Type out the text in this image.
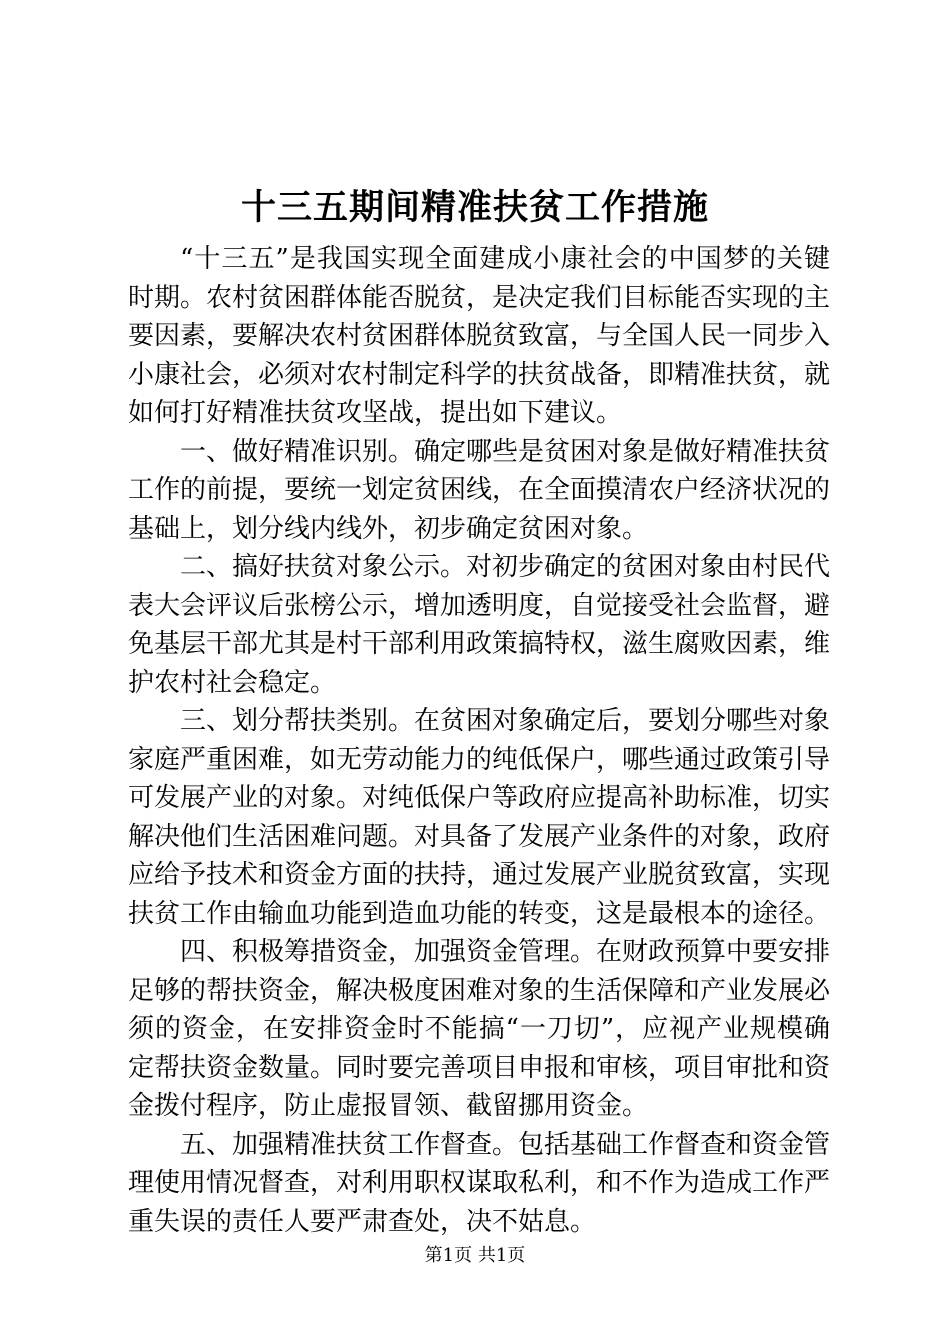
十三五期间精准扶贫工作措施

“十三五”是我国实现全面建成小康社会的中国梦的关键时期。农村贫困群体能否脱贫，是决定我们目标能否实现的主要因素，要解决农村贫困群体脱贫致富，与全国人民一同步入小康社会，必须对农村制定科学的扶贫战备，即精准扶贫，就如何打好精准扶贫攻坚战，提出如下建议。

一、做好精准识别。确定哪些是贫困对象是做好精准扶贫工作的前提，要统一划定贫困线，在全面摸清农户经济状况的基础上，划分线内线外，初步确定贫困对象。

二、搞好扶贫对象公示。对初步确定的贫困对象由村民代表大会评议后张榜公示，增加透明度，自觉接受社会监督，避免基层干部尤其是村干部利用政策搞特权，滋生腐败因素，维护农村社会稳定。

三、划分帮扶类别。在贫困对象确定后，要划分哪些对象家庭严重困难，如无劳动能力的纯低保户，哪些通过政策引导可发展产业的对象。对纯低保户等政府应提高补助标准，切实解决他们生活困难问题。对具备了发展产业条件的对象，政府应给予技术和资金方面的扶持，通过发展产业脱贫致富，实现扶贫工作由输血功能到造血功能的转变，这是最根本的途径。

四、积极筹措资金，加强资金管理。在财政预算中要安排足够的帮扶资金，解决极度困难对象的生活保障和产业发展必须的资金，在安排资金时不能搞“一刀切”，应视产业规模确定帮扶资金数量。同时要完善项目申报和审核，项目审批和资金拨付程序，防止虚报冒领、截留挪用资金。

五、加强精准扶贫工作督查。包括基础工作督查和资金管理使用情况督查，对利用职权谋取私利，和不作为造成工作严重失误的责任人要严肃查处，决不姑息。

第1页 共1页
